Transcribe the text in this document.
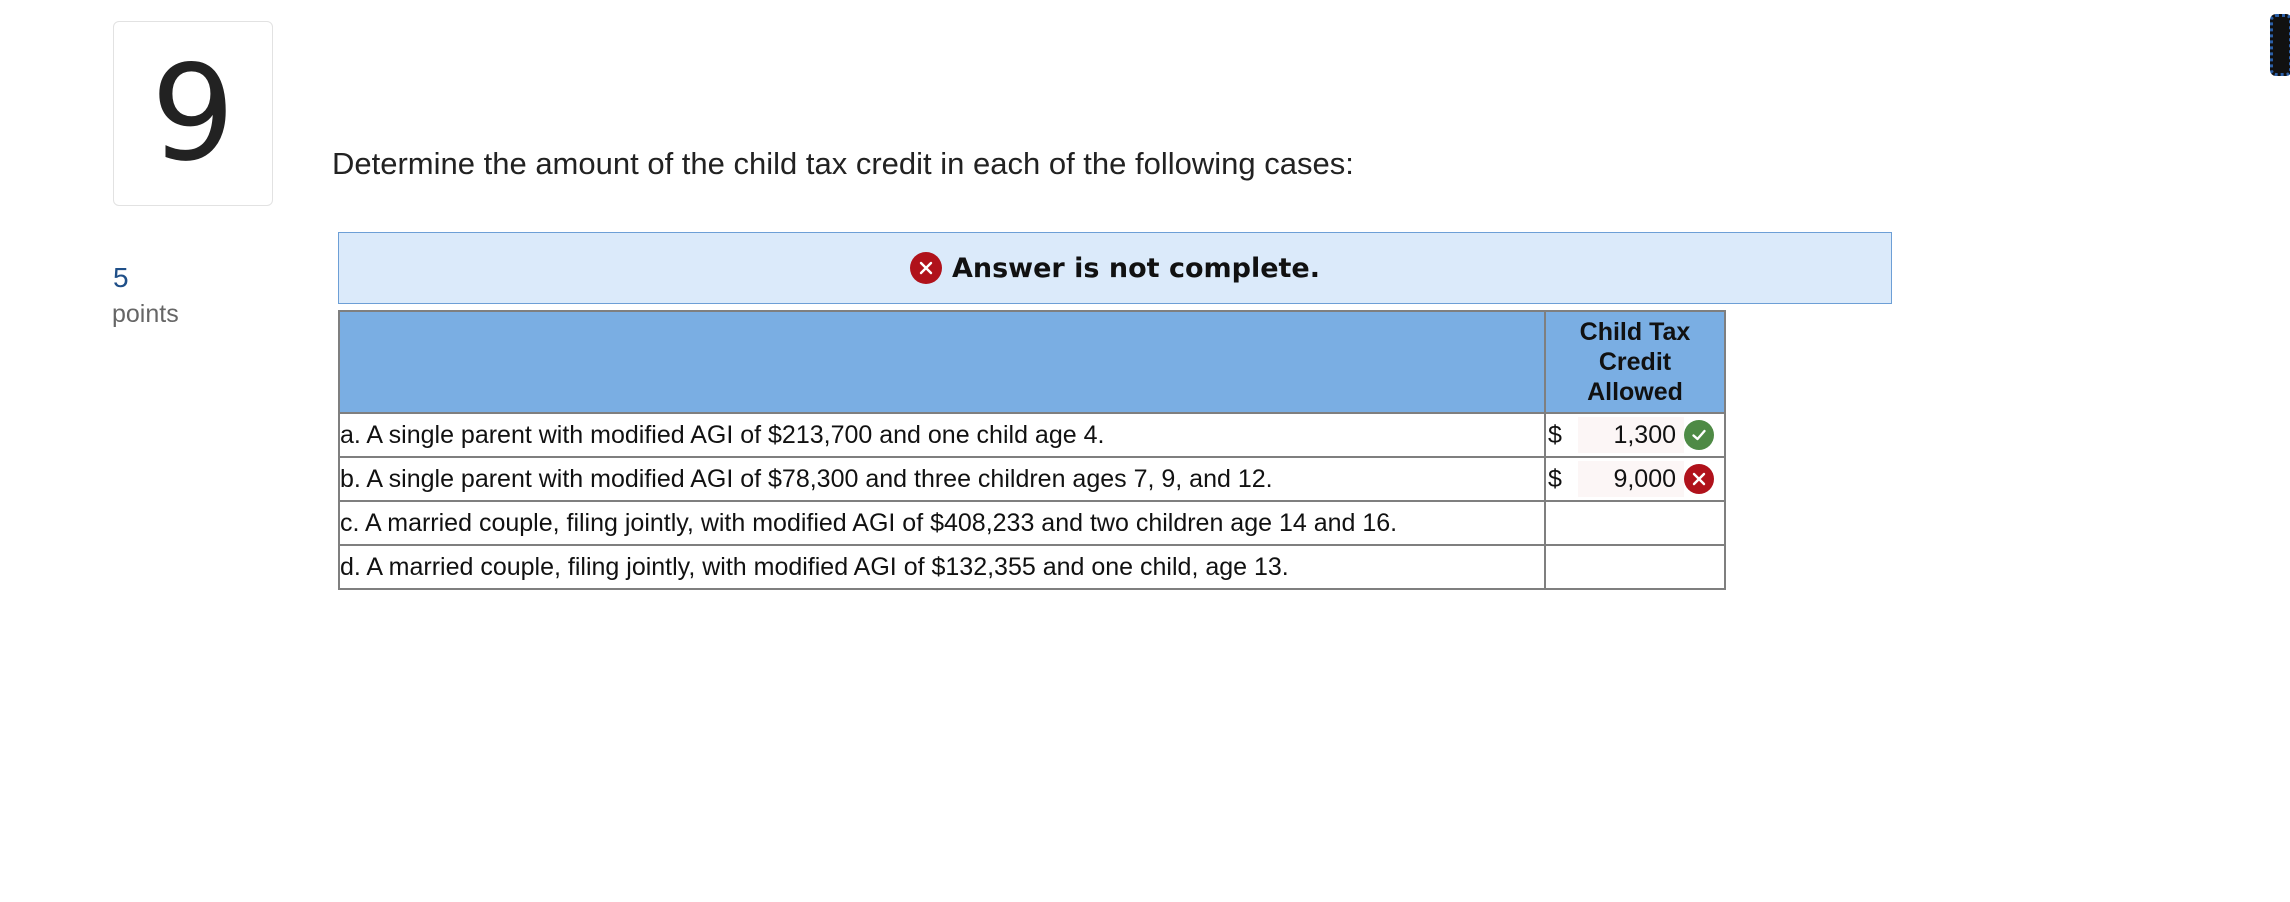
9
5
points
Determine the amount of the child tax credit in each of the following cases:
Answer is not complete.
	Child Tax
Credit
Allowed
a. A single parent with modified AGI of $213,700 and one child age 4.	$ 1,300

b. A single parent with modified AGI of $78,300 and three children ages 7, 9, and 12.	$ 9,000

c. A married couple, filing jointly, with modified AGI of $408,233 and two children age 14 and 16.	
d. A married couple, filing jointly, with modified AGI of $132,355 and one child, age 13.	
